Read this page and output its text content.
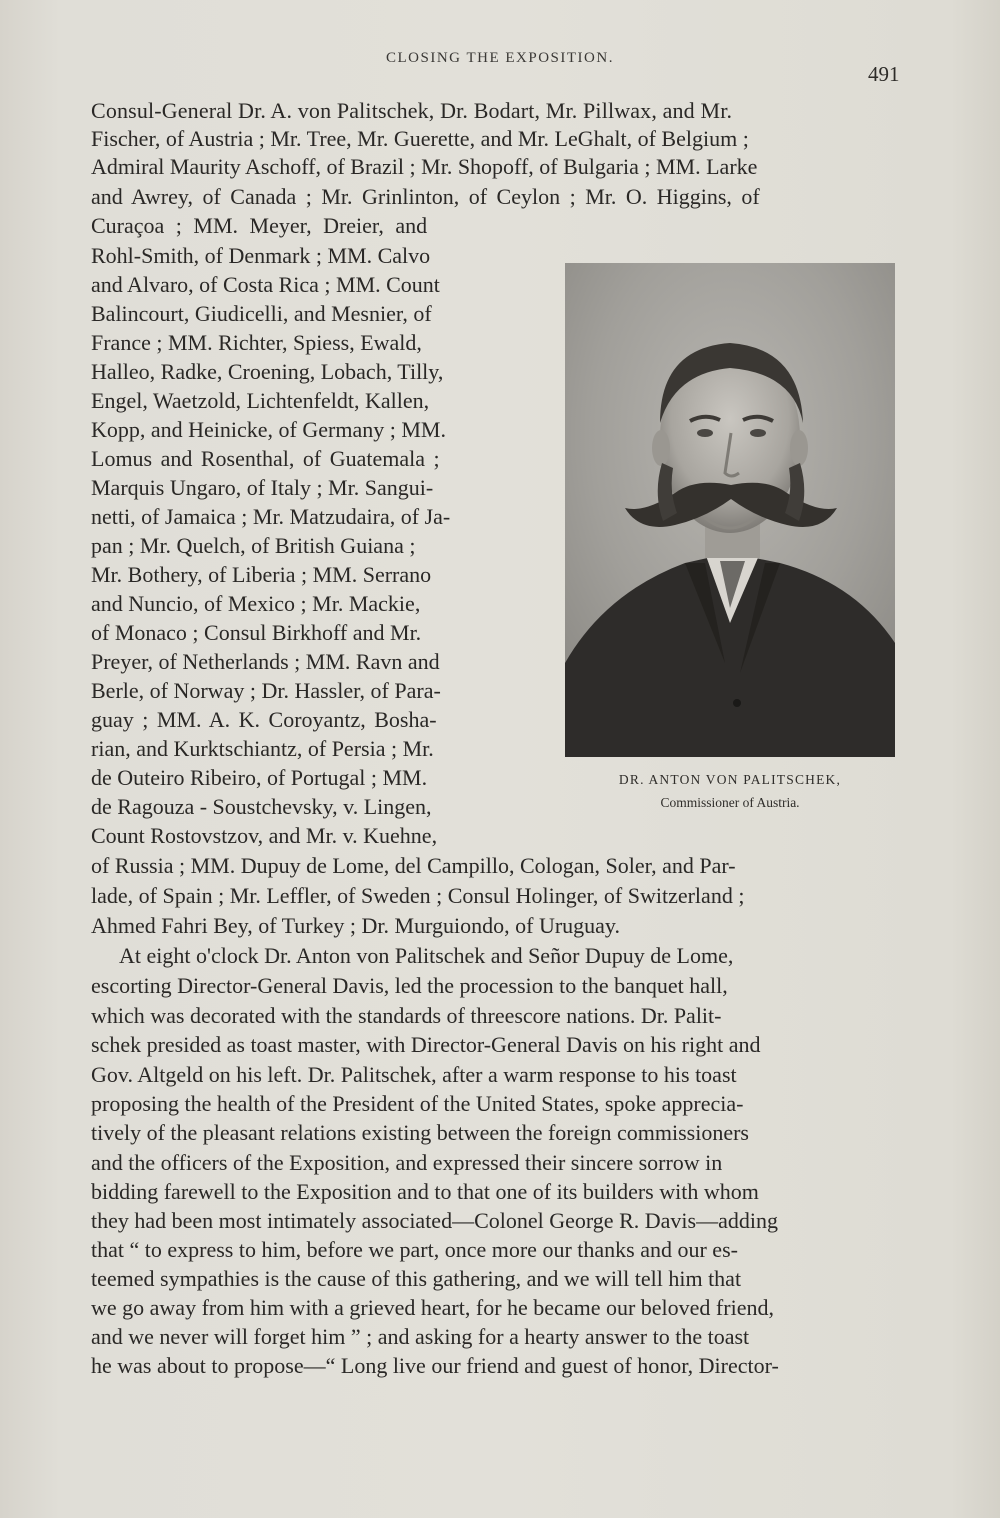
CLOSING THE EXPOSITION.
491
Consul-General Dr. A. von Palitschek, Dr. Bodart, Mr. Pillwax, and Mr.
Fischer, of Austria ; Mr. Tree, Mr. Guerette, and Mr. LeGhalt, of Belgium ;
Admiral Maurity Aschoff, of Brazil ; Mr. Shopoff, of Bulgaria ; MM. Larke
and Awrey, of Canada ; Mr. Grinlinton, of Ceylon ; Mr. O. Higgins, of
Curaçoa ; MM. Meyer, Dreier, and
Rohl-Smith, of Denmark ; MM. Calvo
and Alvaro, of Costa Rica ; MM. Count
Balincourt, Giudicelli, and Mesnier, of
France ; MM. Richter, Spiess, Ewald,
Halleo, Radke, Croening, Lobach, Tilly,
Engel, Waetzold, Lichtenfeldt, Kallen,
Kopp, and Heinicke, of Germany ; MM.
Lomus and Rosenthal, of Guatemala ;
Marquis Ungaro, of Italy ; Mr. Sangui-
netti, of Jamaica ; Mr. Matzudaira, of Ja-
pan ; Mr. Quelch, of British Guiana ;
Mr. Bothery, of Liberia ; MM. Serrano
and Nuncio, of Mexico ; Mr. Mackie,
of Monaco ; Consul Birkhoff and Mr.
Preyer, of Netherlands ; MM. Ravn and
Berle, of Norway ; Dr. Hassler, of Para-
guay ; MM. A. K. Coroyantz, Bosha-
rian, and Kurktschiantz, of Persia ; Mr.
de Outeiro Ribeiro, of Portugal ; MM.
de Ragouza - Soustchevsky, v. Lingen,
Count Rostovstzov, and Mr. v. Kuehne,
of Russia ; MM. Dupuy de Lome, del Campillo, Cologan, Soler, and Par-
lade, of Spain ; Mr. Leffler, of Sweden ; Consul Holinger, of Switzerland ;
Ahmed Fahri Bey, of Turkey ; Dr. Murguiondo, of Uruguay.
At eight o'clock Dr. Anton von Palitschek and Señor Dupuy de Lome,
escorting Director-General Davis, led the procession to the banquet hall,
which was decorated with the standards of threescore nations. Dr. Palit-
schek presided as toast master, with Director-General Davis on his right and
Gov. Altgeld on his left. Dr. Palitschek, after a warm response to his toast
proposing the health of the President of the United States, spoke apprecia-
tively of the pleasant relations existing between the foreign commissioners
and the officers of the Exposition, and expressed their sincere sorrow in
bidding farewell to the Exposition and to that one of its builders with whom
they had been most intimately associated—Colonel George R. Davis—adding
that “ to express to him, before we part, once more our thanks and our es-
teemed sympathies is the cause of this gathering, and we will tell him that
we go away from him with a grieved heart, for he became our beloved friend,
and we never will forget him ” ; and asking for a hearty answer to the toast
he was about to propose—“ Long live our friend and guest of honor, Director-
DR. ANTON VON PALITSCHEK,
Commissioner of Austria.
